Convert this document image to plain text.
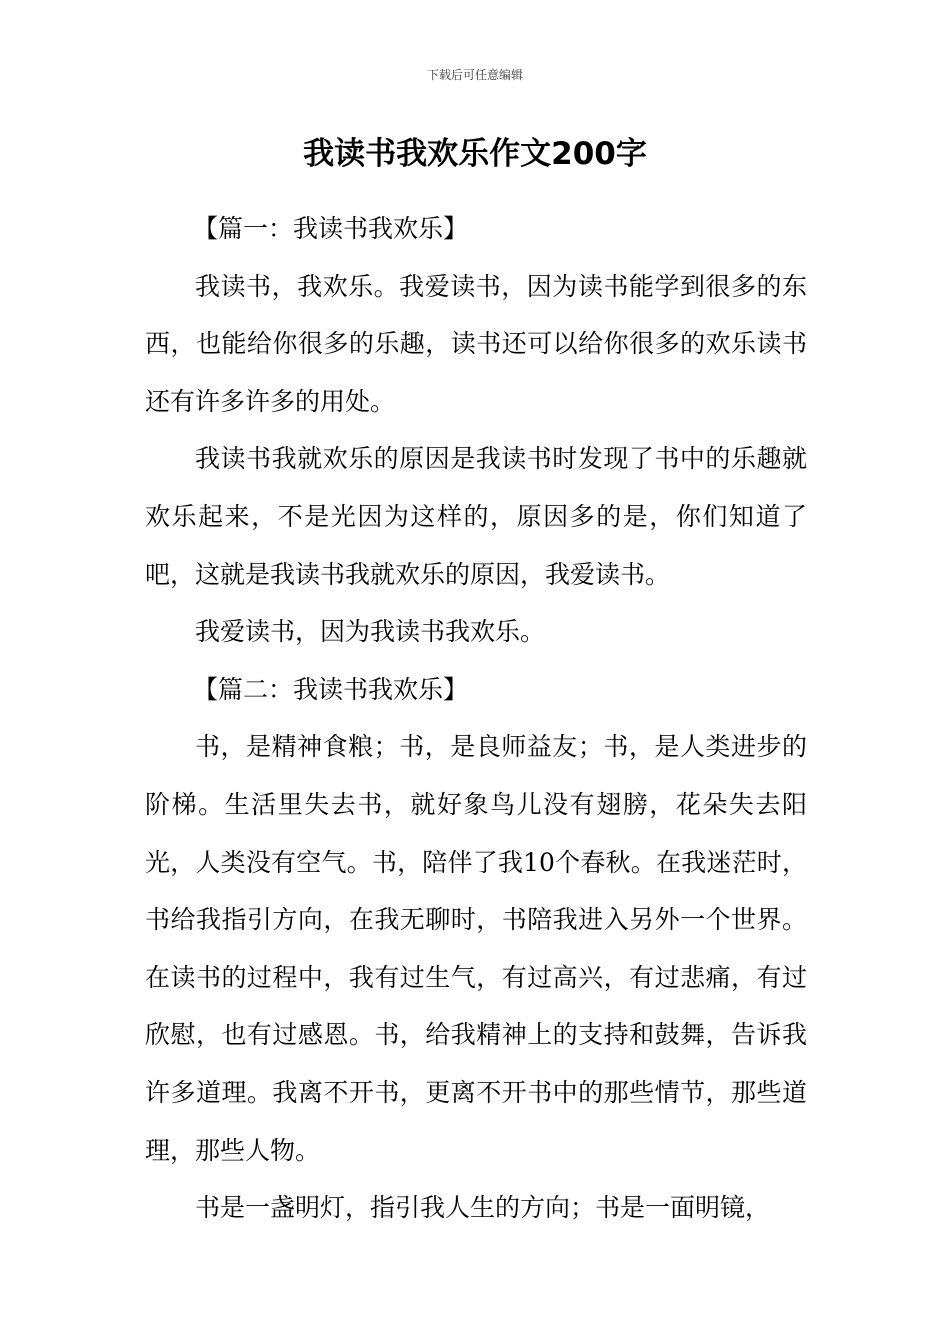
下载后可任意编辑
我读书我欢乐作文200字

【篇一：我读书我欢乐】

我读书，我欢乐。我爱读书，因为读书能学到很多的东西，也能给你很多的乐趣，读书还可以给你很多的欢乐读书还有许多许多的用处。

我读书我就欢乐的原因是我读书时发现了书中的乐趣就欢乐起来，不是光因为这样的，原因多的是，你们知道了吧，这就是我读书我就欢乐的原因，我爱读书。

我爱读书，因为我读书我欢乐。

【篇二：我读书我欢乐】

书，是精神食粮；书，是良师益友；书，是人类进步的阶梯。生活里失去书，就好象鸟儿没有翅膀，花朵失去阳光，人类没有空气。书，陪伴了我10个春秋。在我迷茫时，书给我指引方向，在我无聊时，书陪我进入另外一个世界。在读书的过程中，我有过生气，有过高兴，有过悲痛，有过欣慰，也有过感恩。书，给我精神上的支持和鼓舞，告诉我许多道理。我离不开书，更离不开书中的那些情节，那些道理，那些人物。

书是一盏明灯，指引我人生的方向；书是一面明镜，
